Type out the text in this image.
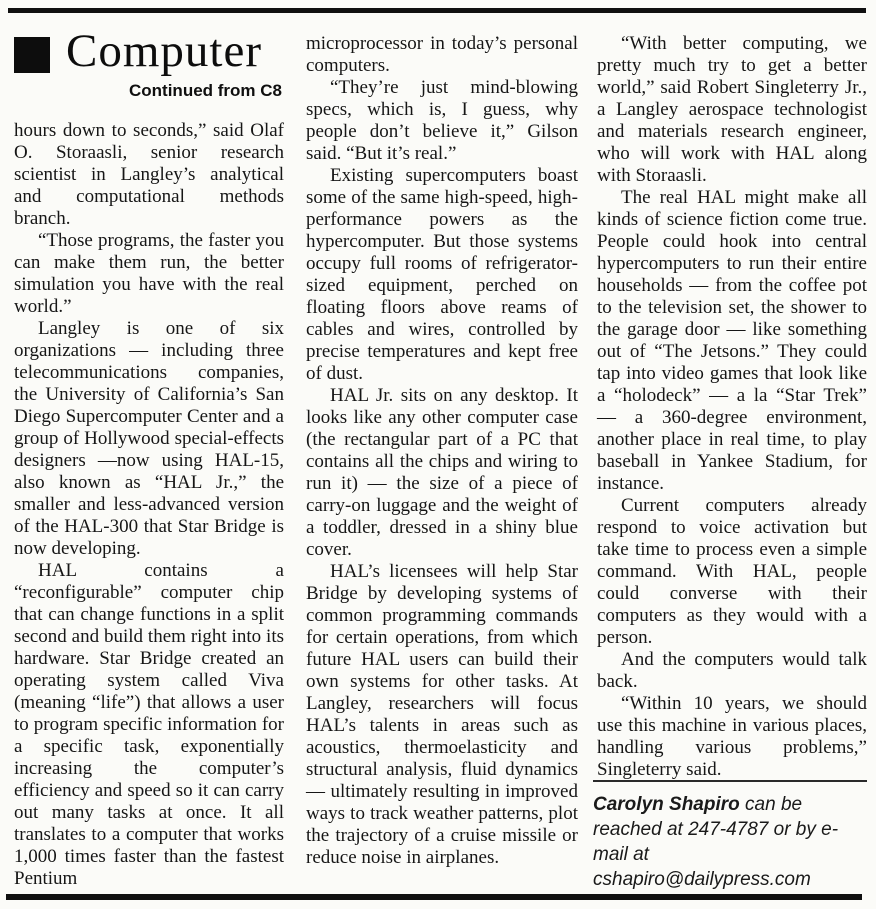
Computer
Continued from C8

hours down to seconds,” said Olaf O. Storaasli, senior research scientist in Langley’s analytical and computational methods branch.

“Those programs, the faster you can make them run, the better simulation you have with the real world.”

Langley is one of six organizations — including three telecommunications companies, the University of California’s San Diego Supercomputer Center and a group of Hollywood special-effects designers —now using HAL-15, also known as “HAL Jr.,” the smaller and less-advanced version of the HAL-300 that Star Bridge is now developing.

HAL contains a “reconfigurable” computer chip that can change functions in a split second and build them right into its hardware. Star Bridge created an operating system called Viva (meaning “life”) that allows a user to program specific information for a specific task, exponentially increasing the computer’s efficiency and speed so it can carry out many tasks at once. It all translates to a computer that works 1,000 times faster than the fastest Pentium

microprocessor in today’s personal computers.

“They’re just mind-blowing specs, which is, I guess, why people don’t believe it,” Gilson said. “But it’s real.”

Existing supercomputers boast some of the same high-speed, high-performance powers as the hypercomputer. But those systems occupy full rooms of refrigerator-sized equipment, perched on floating floors above reams of cables and wires, controlled by precise temperatures and kept free of dust.

HAL Jr. sits on any desktop. It looks like any other computer case (the rectangular part of a PC that contains all the chips and wiring to run it) — the size of a piece of carry-on luggage and the weight of a toddler, dressed in a shiny blue cover.

HAL’s licensees will help Star Bridge by developing systems of common programming commands for certain operations, from which future HAL users can build their own systems for other tasks. At Langley, researchers will focus HAL’s talents in areas such as acoustics, thermoelasticity and structural analysis, fluid dynamics — ultimately resulting in improved ways to track weather patterns, plot the trajectory of a cruise missile or reduce noise in airplanes.

“With better computing, we pretty much try to get a better world,” said Robert Singleterry Jr., a Langley aerospace technologist and materials research engineer, who will work with HAL along with Storaasli.

The real HAL might make all kinds of science fiction come true. People could hook into central hypercomputers to run their entire households — from the coffee pot to the television set, the shower to the garage door — like something out of “The Jetsons.” They could tap into video games that look like a “holodeck” — a la “Star Trek” — a 360-degree environment, another place in real time, to play baseball in Yankee Stadium, for instance.

Current computers already respond to voice activation but take time to process even a simple command. With HAL, people could converse with their computers as they would with a person.

And the computers would talk back.

“Within 10 years, we should use this machine in various places, handling various problems,” Singleterry said.

Carolyn Shapiro can be reached at 247-4787 or by e-mail at cshapiro@dailypress.com
